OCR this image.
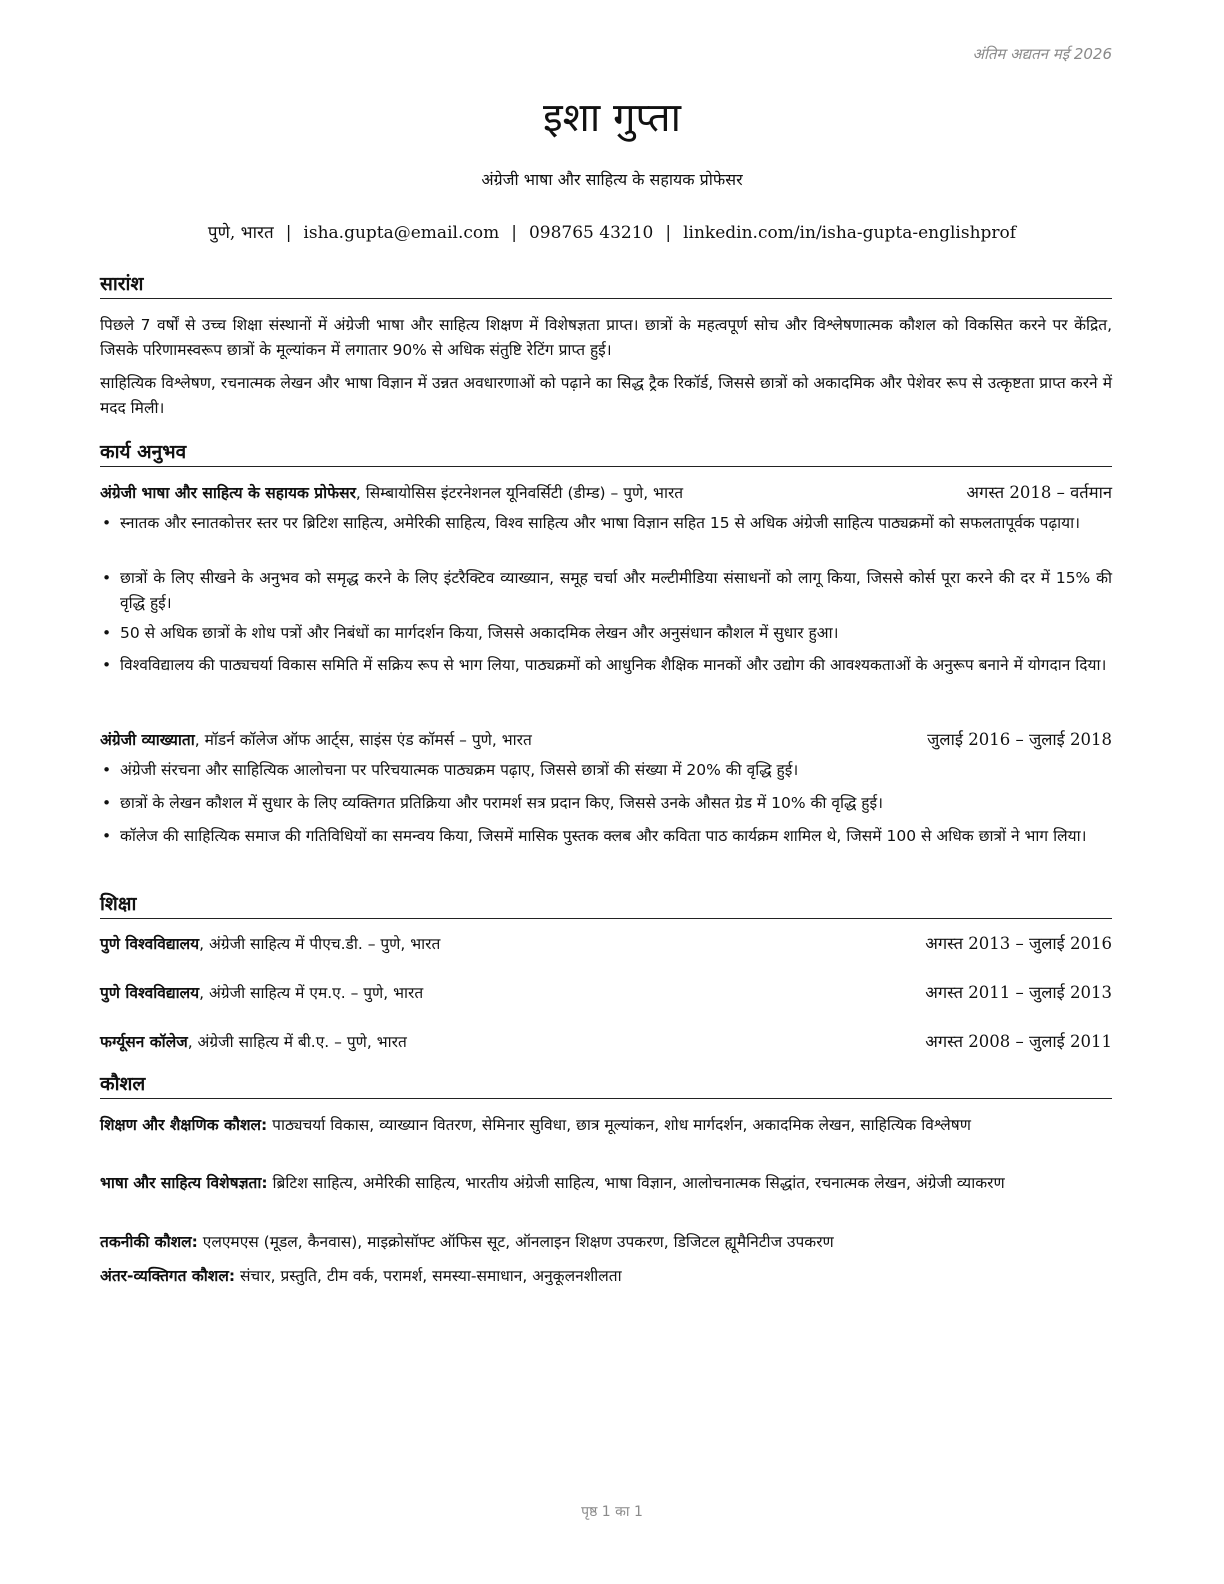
अंतिम अद्यतन मई 2026
इशा गुप्ता
अंग्रेजी भाषा और साहित्य के सहायक प्रोफेसर
पुणे, भारत | isha.gupta@email.com | 098765 43210 | linkedin.com/in/isha-gupta-englishprof
सारांश
पिछले 7 वर्षों से उच्च शिक्षा संस्थानों में अंग्रेजी भाषा और साहित्य शिक्षण में विशेषज्ञता प्राप्त। छात्रों के महत्वपूर्ण सोच और विश्लेषणात्मक कौशल को विकसित करने पर केंद्रित, जिसके परिणामस्वरूप छात्रों के मूल्यांकन में लगातार 90% से अधिक संतुष्टि रेटिंग प्राप्त हुई।
साहित्यिक विश्लेषण, रचनात्मक लेखन और भाषा विज्ञान में उन्नत अवधारणाओं को पढ़ाने का सिद्ध ट्रैक रिकॉर्ड, जिससे छात्रों को अकादमिक और पेशेवर रूप से उत्कृष्टता प्राप्त करने में मदद मिली।
कार्य अनुभव
अंग्रेजी भाषा और साहित्य के सहायक प्रोफेसर, सिम्बायोसिस इंटरनेशनल यूनिवर्सिटी (डीम्ड) – पुणे, भारत	अगस्त 2018 – वर्तमान
• स्नातक और स्नातकोत्तर स्तर पर ब्रिटिश साहित्य, अमेरिकी साहित्य, विश्व साहित्य और भाषा विज्ञान सहित 15 से अधिक अंग्रेजी साहित्य पाठ्यक्रमों को सफलतापूर्वक पढ़ाया।
• छात्रों के लिए सीखने के अनुभव को समृद्ध करने के लिए इंटरैक्टिव व्याख्यान, समूह चर्चा और मल्टीमीडिया संसाधनों को लागू किया, जिससे कोर्स पूरा करने की दर में 15% की वृद्धि हुई।
• 50 से अधिक छात्रों के शोध पत्रों और निबंधों का मार्गदर्शन किया, जिससे अकादमिक लेखन और अनुसंधान कौशल में सुधार हुआ।
• विश्वविद्यालय की पाठ्यचर्या विकास समिति में सक्रिय रूप से भाग लिया, पाठ्यक्रमों को आधुनिक शैक्षिक मानकों और उद्योग की आवश्यकताओं के अनुरूप बनाने में योगदान दिया।
अंग्रेजी व्याख्याता, मॉडर्न कॉलेज ऑफ आर्ट्स, साइंस एंड कॉमर्स – पुणे, भारत	जुलाई 2016 – जुलाई 2018
• अंग्रेजी संरचना और साहित्यिक आलोचना पर परिचयात्मक पाठ्यक्रम पढ़ाए, जिससे छात्रों की संख्या में 20% की वृद्धि हुई।
• छात्रों के लेखन कौशल में सुधार के लिए व्यक्तिगत प्रतिक्रिया और परामर्श सत्र प्रदान किए, जिससे उनके औसत ग्रेड में 10% की वृद्धि हुई।
• कॉलेज की साहित्यिक समाज की गतिविधियों का समन्वय किया, जिसमें मासिक पुस्तक क्लब और कविता पाठ कार्यक्रम शामिल थे, जिसमें 100 से अधिक छात्रों ने भाग लिया।
शिक्षा
पुणे विश्वविद्यालय, अंग्रेजी साहित्य में पीएच.डी. – पुणे, भारत	अगस्त 2013 – जुलाई 2016
पुणे विश्वविद्यालय, अंग्रेजी साहित्य में एम.ए. – पुणे, भारत	अगस्त 2011 – जुलाई 2013
फर्ग्यूसन कॉलेज, अंग्रेजी साहित्य में बी.ए. – पुणे, भारत	अगस्त 2008 – जुलाई 2011
कौशल
शिक्षण और शैक्षणिक कौशल: पाठ्यचर्या विकास, व्याख्यान वितरण, सेमिनार सुविधा, छात्र मूल्यांकन, शोध मार्गदर्शन, अकादमिक लेखन, साहित्यिक विश्लेषण
भाषा और साहित्य विशेषज्ञता: ब्रिटिश साहित्य, अमेरिकी साहित्य, भारतीय अंग्रेजी साहित्य, भाषा विज्ञान, आलोचनात्मक सिद्धांत, रचनात्मक लेखन, अंग्रेजी व्याकरण
तकनीकी कौशल: एलएमएस (मूडल, कैनवास), माइक्रोसॉफ्ट ऑफिस सूट, ऑनलाइन शिक्षण उपकरण, डिजिटल ह्यूमैनिटीज उपकरण
अंतर-व्यक्तिगत कौशल: संचार, प्रस्तुति, टीम वर्क, परामर्श, समस्या-समाधान, अनुकूलनशीलता
पृष्ठ 1 का 1
